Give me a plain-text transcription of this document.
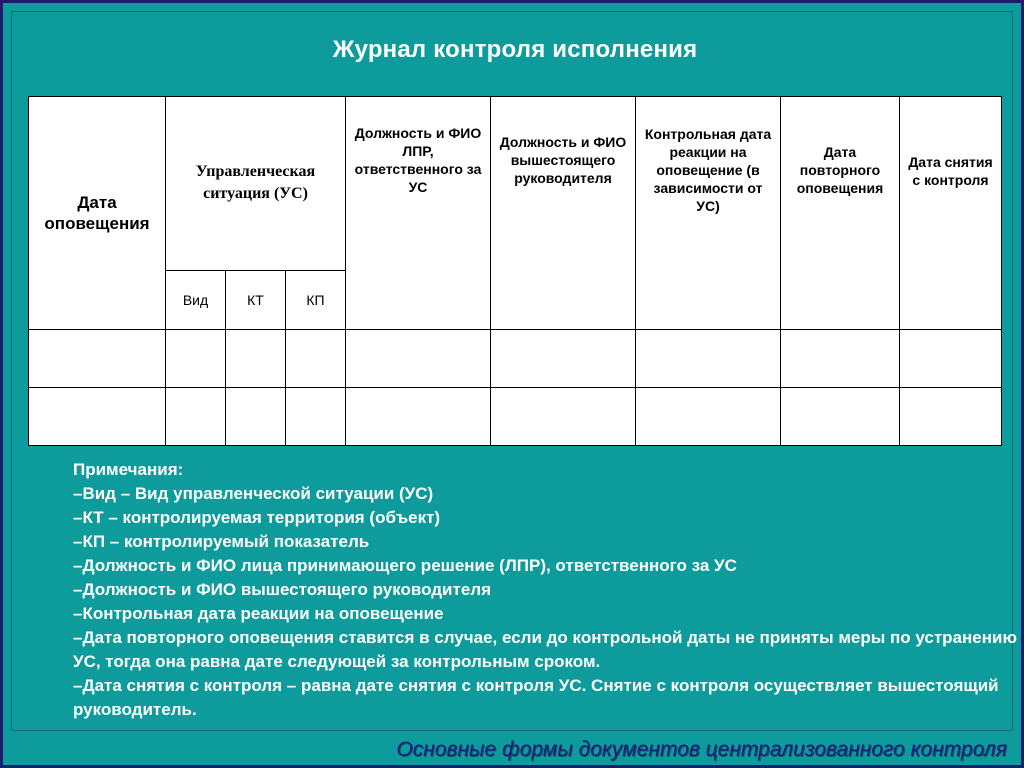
Журнал контроля исполнения
Дата оповещения	Управленческая ситуация (УС)			Должность и ФИО ЛПР, ответственного за УС	Должность и ФИО вышестоящего руководителя	Контрольная дата реакции на оповещение (в зависимости от УС)	Дата повторного оповещения	Дата снятия с контроля
	Вид	КТ	КП					

Примечания:
–Вид – Вид управленческой ситуации (УС)
–КТ – контролируемая территория (объект)
–КП – контролируемый показатель
–Должность и ФИО лица принимающего решение (ЛПР), ответственного за УС
–Должность и ФИО вышестоящего руководителя
–Контрольная дата реакции на оповещение
–Дата повторного оповещения ставится в случае, если до контрольной даты не приняты меры по устранению УС, тогда она равна дате следующей за контрольным сроком.
–Дата снятия с контроля – равна дате снятия с контроля УС. Снятие с контроля осуществляет вышестоящий руководитель.
Основные формы документов централизованного контроля
